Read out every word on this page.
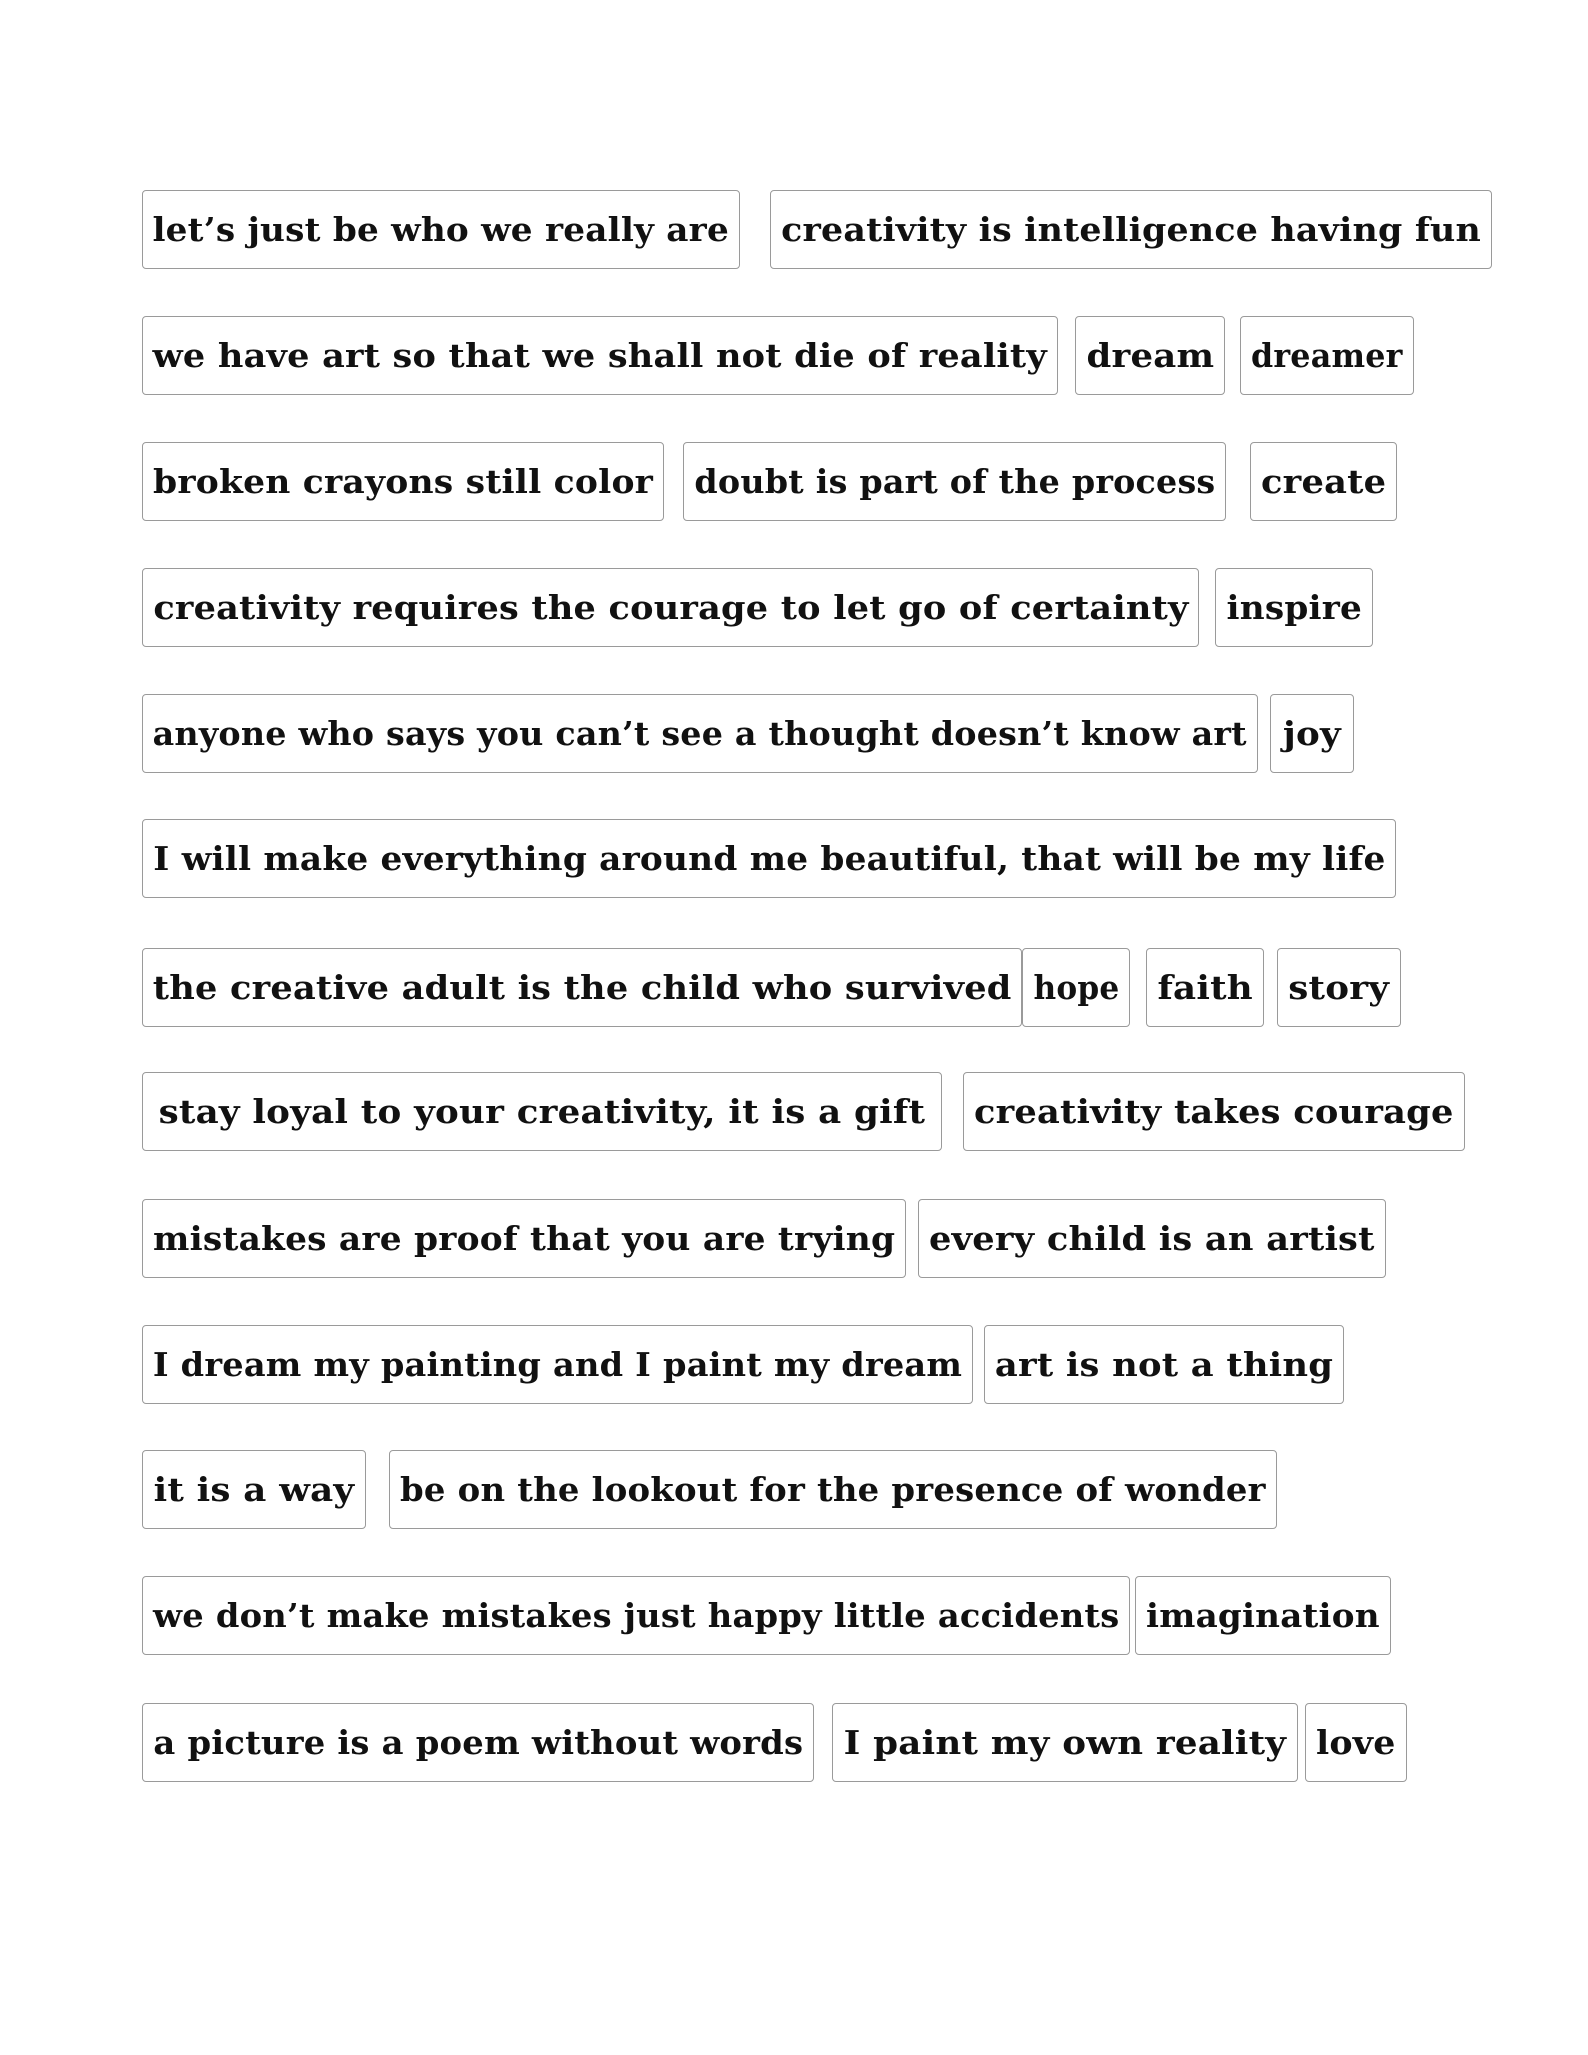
let’s just be who we really are creativity is intelligence having fun
we have art so that we shall not die of reality dream dreamer
broken crayons still color doubt is part of the process create
creativity requires the courage to let go of certainty inspire
anyone who says you can’t see a thought doesn’t know art joy
I will make everything around me beautiful, that will be my life
the creative adult is the child who survived hope faith story
stay loyal to your creativity, it is a gift creativity takes courage
mistakes are proof that you are trying every child is an artist
I dream my painting and I paint my dream art is not a thing
it is a way be on the lookout for the presence of wonder
we don’t make mistakes just happy little accidents imagination
a picture is a poem without words I paint my own reality love
